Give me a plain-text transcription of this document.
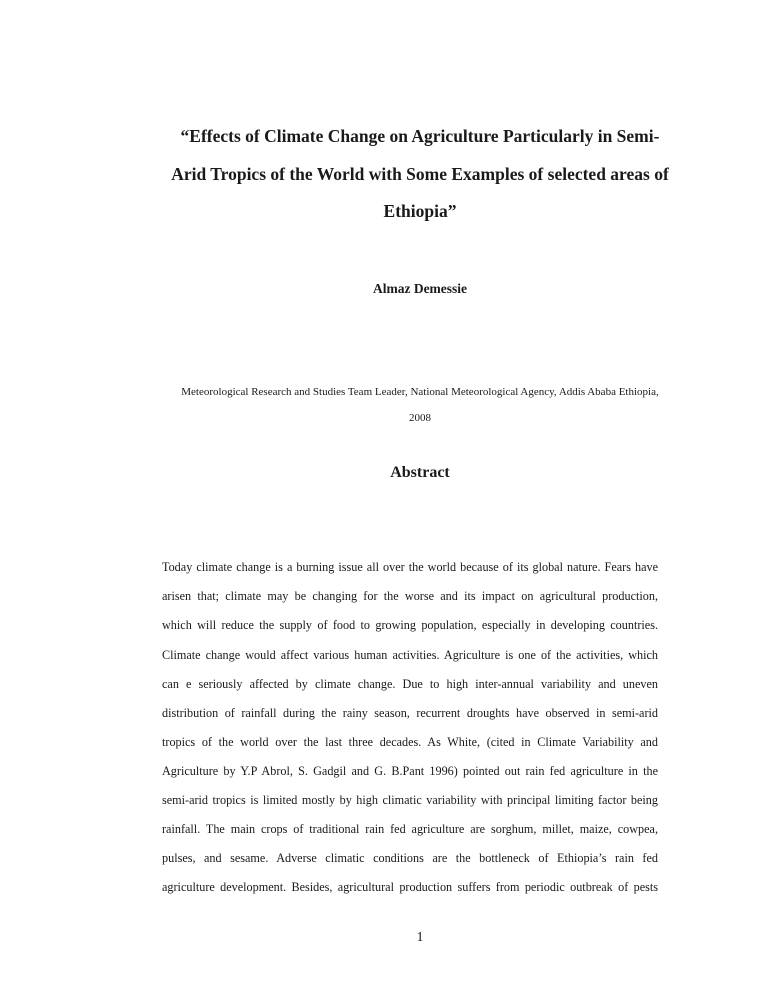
“Effects of Climate Change on Agriculture Particularly in Semi-
Arid Tropics of the World with Some Examples of selected areas of
Ethiopia”
Almaz Demessie
Meteorological Research and Studies Team Leader, National Meteorological Agency, Addis Ababa Ethiopia,
2008
Abstract
Today climate change is a burning issue all over the world because of its global nature. Fears have
arisen that; climate may be changing for the worse and its impact on agricultural production,
which will reduce the supply of food to growing population, especially in developing countries.
Climate change would affect various human activities. Agriculture is one of the activities, which
can e seriously affected by climate change. Due to high inter-annual variability and uneven
distribution of rainfall during the rainy season, recurrent droughts have observed in semi-arid
tropics of the world over the last three decades. As White, (cited in Climate Variability and
Agriculture by Y.P Abrol, S. Gadgil and G. B.Pant 1996) pointed out rain fed agriculture in the
semi-arid tropics is limited mostly by high climatic variability with principal limiting factor being
rainfall. The main crops of traditional rain fed agriculture are sorghum, millet, maize, cowpea,
pulses, and sesame. Adverse climatic conditions are the bottleneck of Ethiopia’s rain fed
agriculture development. Besides, agricultural production suffers from periodic outbreak of pests
1
